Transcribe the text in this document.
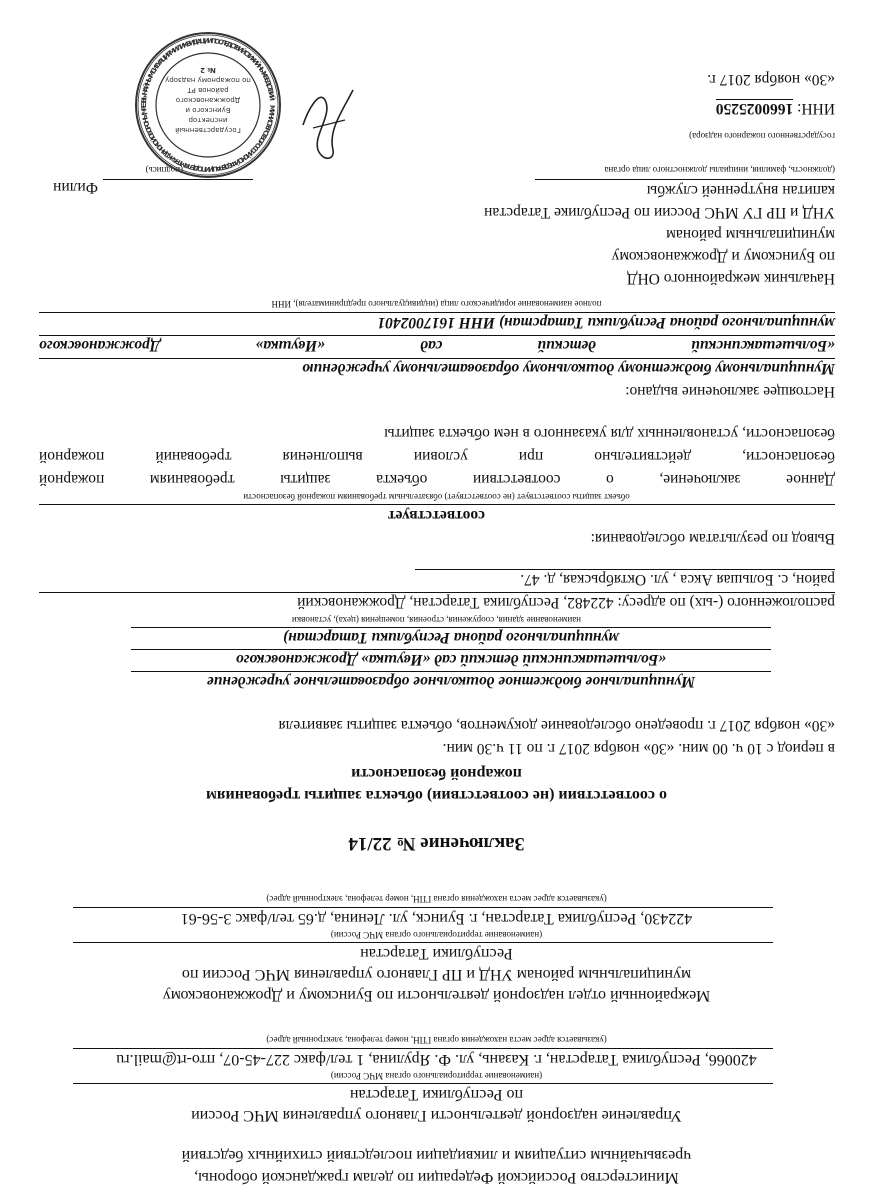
Министерство Российской Федерации по делам гражданской обороны,
чрезвычайным ситуациям и ликвидации последствий стихийных бедствий
Управление надзорной деятельности Главного управления МЧС России
по Республики Татарстан
(наименование территориального органа МЧС России)
420066, Республика Татарстан, г. Казань, ул. Ф. Ярулина, 1 тел/факс 227-45-07, пто-rt@mail.ru
(указывается адрес места нахождения органа ГПН, номер телефона, электронный адрес)
Межрайонный отдел надзорной деятельности по Буинскому и Дрожжановскому
муниципальным районам УНД и ПР Главного управления МЧС России по
Республики Татарстан
(наименование территориального органа МЧС России)
422430, Республика Татарстан, г. Буинск, ул. Ленина, д.65 тел/факс 3-56-61
(указывается адрес места нахождения органа ГПН, номер телефона, электронный адрес)
Заключение № 22/14
о соответствии (не соответствии) объекта защиты требованиям
пожарной безопасности
в период с 10 ч. 00 мин. «30» ноября 2017 г. по 11 ч.30 мин.
«30» ноября 2017 г. проведено обследование документов, объекта защиты заявителя
Муниципальное бюджетное дошкольное образовательное учреждение
«Большешаксинский детский сад «Ивушка» Дрожжановского
муниципального района Республики Татарстан)
наименование здания, сооружения, строения, помещения (цеха), установки
расположенного (-ых) по адресу: 422482, Республика Татарстан, Дрожжановский
район, с. Большая Акса , ул. Октябрьская, д. 47.
Вывод по результатам обследования:
соответствует
объект защиты соответствует (не соответствует) обязательным требованиям пожарной безопасности
Данное заключение, о соответствии объекта защиты требованиям пожарной
безопасности, действительно при условии выполнения требований пожарной
безопасности, установленных для указанного в нем объекта защиты
Настоящее заключение выдано:
Муниципальному бюджетному дошкольному образовательному учреждению
«Большешаксинский детский сад «Ивушка» Дрожжановского
муниципального района Республики Татарстан) ИНН 1617002401
полное наименование юридического лица (индивидуального предпринимателя), ИНН
Начальник межрайонного ОНД
по Буинскому и Дрожжановскому
муниципальным районам
УНД и ПР ГУ МЧС России по Республике Татарстан
капитан внутренней службы
Филин
(должность, фамилия, инициалы должностного лица органа
государственного пожарного надзора)
(подпись)
ИНН: 1660025250
«30» ноября 2017 г.
МИНИСТЕРСТВО РОССИЙСКОЙ ФЕДЕРАЦИИ ПО ДЕЛАМ ГРАЖДАНСКОЙ ОБОРОНЫ, ЧРЕЗВЫЧАЙНЫМ СИТУАЦИЯМ И ЛИКВИДАЦИИ ПОСЛЕДСТВИЙ СТИХИЙНЫХ БЕДСТВИЙ
Государственный
инспектор
Буинского и
Дрожжановского
районов РТ
по пожарному надзору
№ 2
